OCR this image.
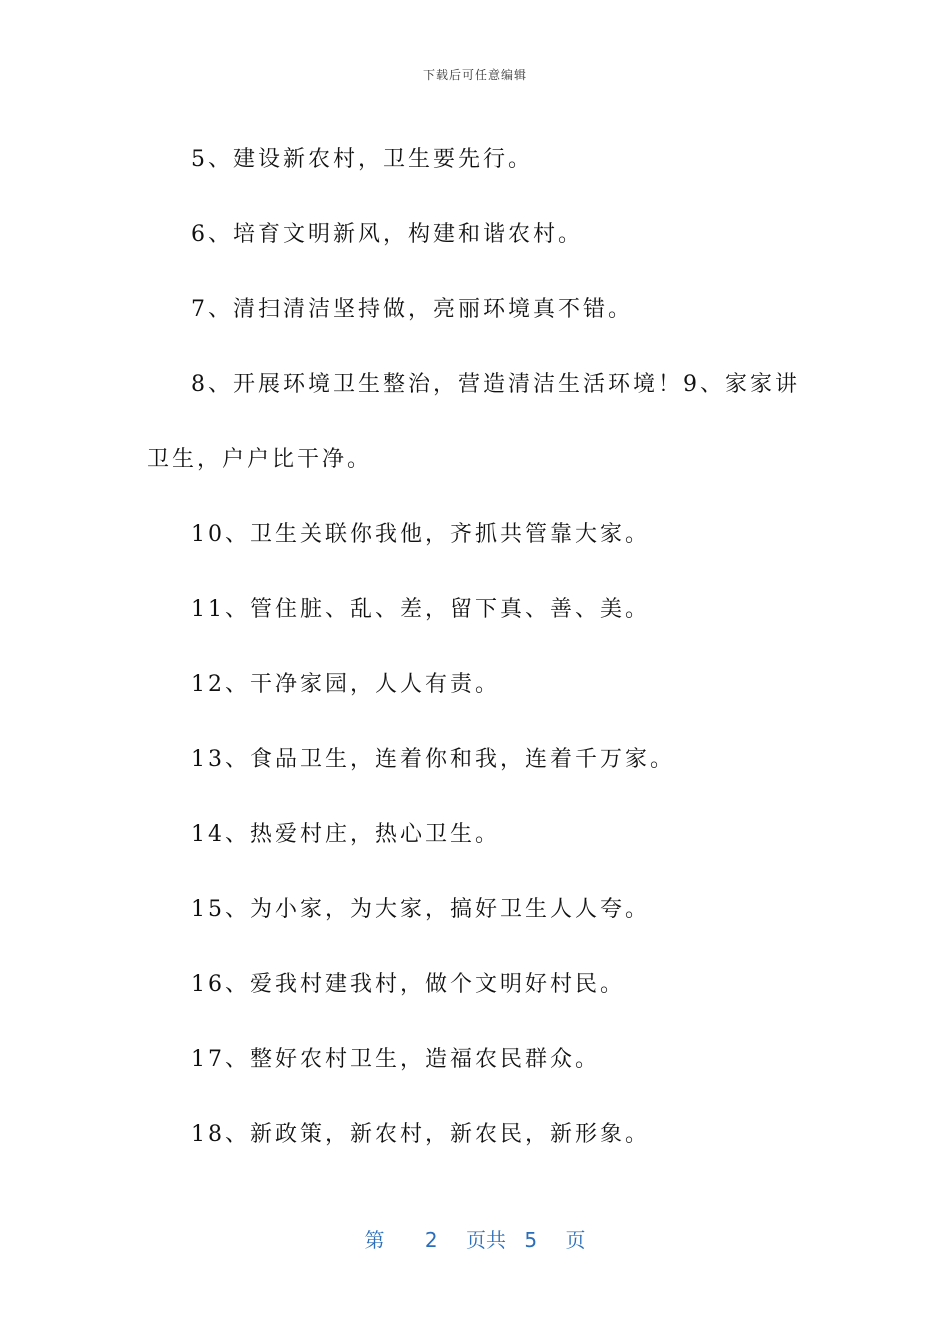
下载后可任意编辑

5、建设新农村，卫生要先行。

6、培育文明新风，构建和谐农村。

7、清扫清洁坚持做，亮丽环境真不错。

8、开展环境卫生整治，营造清洁生活环境！9、家家讲卫生，户户比干净。

10、卫生关联你我他，齐抓共管靠大家。

11、管住脏、乱、差，留下真、善、美。

12、干净家园，人人有责。

13、食品卫生，连着你和我，连着千万家。

14、热爱村庄，热心卫生。

15、为小家，为大家，搞好卫生人人夸。

16、爱我村建我村，做个文明好村民。

17、整好农村卫生，造福农民群众。

18、新政策，新农村，新农民，新形象。

第 2 页共 5 页
